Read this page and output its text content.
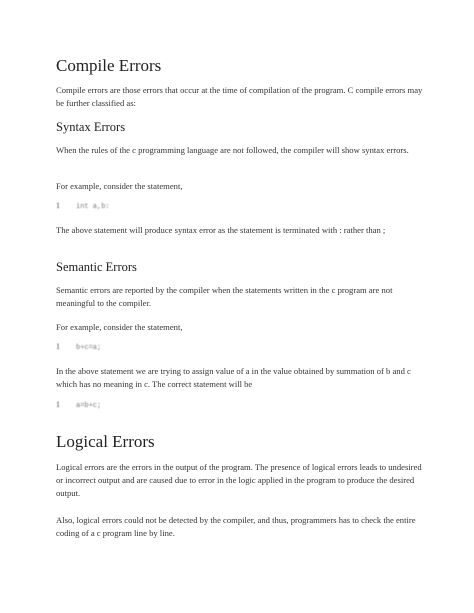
Compile Errors
Compile errors are those errors that occur at the time of compilation of the program. C compile errors may be further classified as:
Syntax Errors
When the rules of the c programming language are not followed, the compiler will show syntax errors.
For example, consider the statement,
1 int a,b:
The above statement will produce syntax error as the statement is terminated with : rather than ;
Semantic Errors
Semantic errors are reported by the compiler when the statements written in the c program are not meaningful to the compiler.
For example, consider the statement,
1 b+c=a;
In the above statement we are trying to assign value of a in the value obtained by summation of b and c which has no meaning in c. The correct statement will be
1 a=b+c;
Logical Errors
Logical errors are the errors in the output of the program. The presence of logical errors leads to undesired or incorrect output and are caused due to error in the logic applied in the program to produce the desired output.
Also, logical errors could not be detected by the compiler, and thus, programmers has to check the entire coding of a c program line by line.
